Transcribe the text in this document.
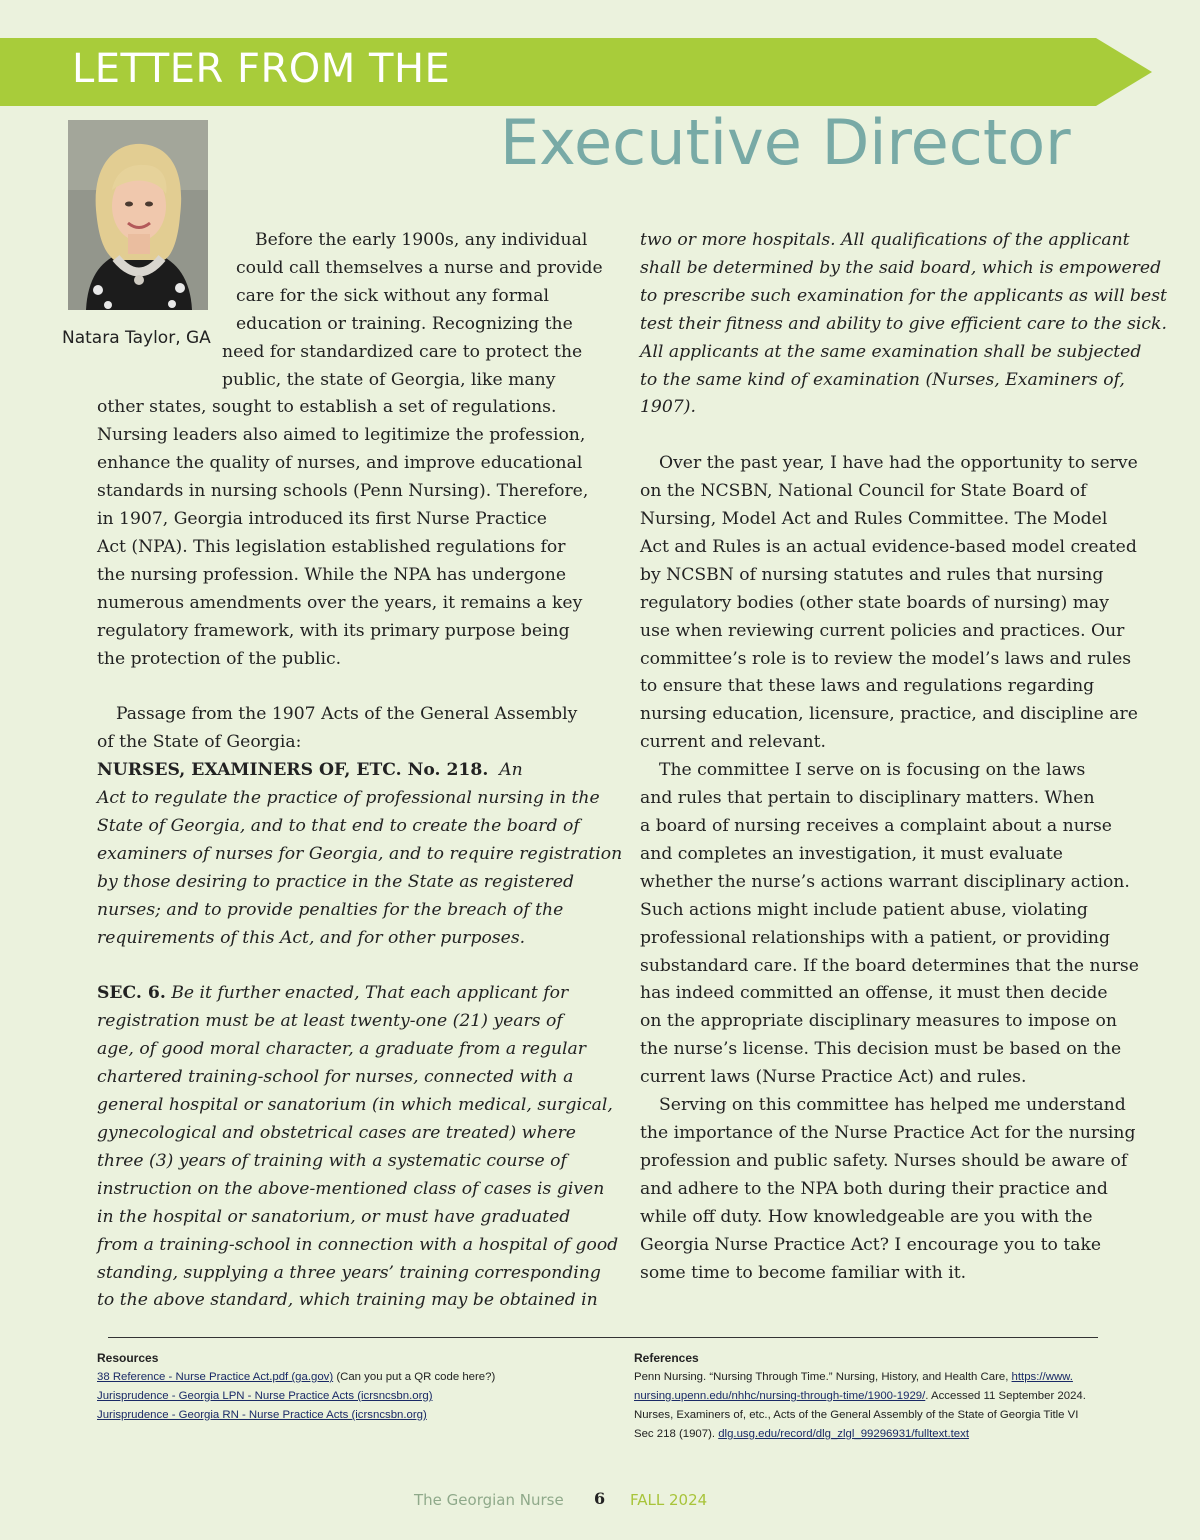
LETTER FROM THE
Executive Director
Natara Taylor, GA

Before the early 1900s, any individual
could call themselves a nurse and provide
care for the sick without any formal
education or training. Recognizing the
need for standardized care to protect the
public, the state of Georgia, like many
other states, sought to establish a set of regulations.
Nursing leaders also aimed to legitimize the profession,
enhance the quality of nurses, and improve educational
standards in nursing schools (Penn Nursing). Therefore,
in 1907, Georgia introduced its first Nurse Practice
Act (NPA). This legislation established regulations for
the nursing profession. While the NPA has undergone
numerous amendments over the years, it remains a key
regulatory framework, with its primary purpose being
the protection of the public.

Passage from the 1907 Acts of the General Assembly
of the State of Georgia:

NURSES, EXAMINERS OF, ETC. No. 218. An
Act to regulate the practice of professional nursing in the
State of Georgia, and to that end to create the board of
examiners of nurses for Georgia, and to require registration
by those desiring to practice in the State as registered
nurses; and to provide penalties for the breach of the
requirements of this Act, and for other purposes.

SEC. 6. Be it further enacted, That each applicant for
registration must be at least twenty-one (21) years of
age, of good moral character, a graduate from a regular
chartered training-school for nurses, connected with a
general hospital or sanatorium (in which medical, surgical,
gynecological and obstetrical cases are treated) where
three (3) years of training with a systematic course of
instruction on the above-mentioned class of cases is given
in the hospital or sanatorium, or must have graduated
from a training-school in connection with a hospital of good
standing, supplying a three years’ training corresponding
to the above standard, which training may be obtained in

two or more hospitals. All qualifications of the applicant
shall be determined by the said board, which is empowered
to prescribe such examination for the applicants as will best
test their fitness and ability to give efficient care to the sick.
All applicants at the same examination shall be subjected
to the same kind of examination (Nurses, Examiners of,
1907).

Over the past year, I have had the opportunity to serve
on the NCSBN, National Council for State Board of
Nursing, Model Act and Rules Committee. The Model
Act and Rules is an actual evidence-based model created
by NCSBN of nursing statutes and rules that nursing
regulatory bodies (other state boards of nursing) may
use when reviewing current policies and practices. Our
committee’s role is to review the model’s laws and rules
to ensure that these laws and regulations regarding
nursing education, licensure, practice, and discipline are
current and relevant.

The committee I serve on is focusing on the laws
and rules that pertain to disciplinary matters. When
a board of nursing receives a complaint about a nurse
and completes an investigation, it must evaluate
whether the nurse’s actions warrant disciplinary action.
Such actions might include patient abuse, violating
professional relationships with a patient, or providing
substandard care. If the board determines that the nurse
has indeed committed an offense, it must then decide
on the appropriate disciplinary measures to impose on
the nurse’s license. This decision must be based on the
current laws (Nurse Practice Act) and rules.

Serving on this committee has helped me understand
the importance of the Nurse Practice Act for the nursing
profession and public safety. Nurses should be aware of
and adhere to the NPA both during their practice and
while off duty. How knowledgeable are you with the
Georgia Nurse Practice Act? I encourage you to take
some time to become familiar with it.

Resources
38 Reference - Nurse Practice Act.pdf (ga.gov) (Can you put a QR code here?)
Jurisprudence - Georgia LPN - Nurse Practice Acts (icrsncsbn.org)
Jurisprudence - Georgia RN - Nurse Practice Acts (icrsncsbn.org)
References
Penn Nursing. “Nursing Through Time.” Nursing, History, and Health Care, https://www.
nursing.upenn.edu/nhhc/nursing-through-time/1900-1929/. Accessed 11 September 2024.
Nurses, Examiners of, etc., Acts of the General Assembly of the State of Georgia Title VI
Sec 218 (1907). dlg.usg.edu/record/dlg_zlgl_99296931/fulltext.text
The Georgian Nurse 6 FALL 2024
